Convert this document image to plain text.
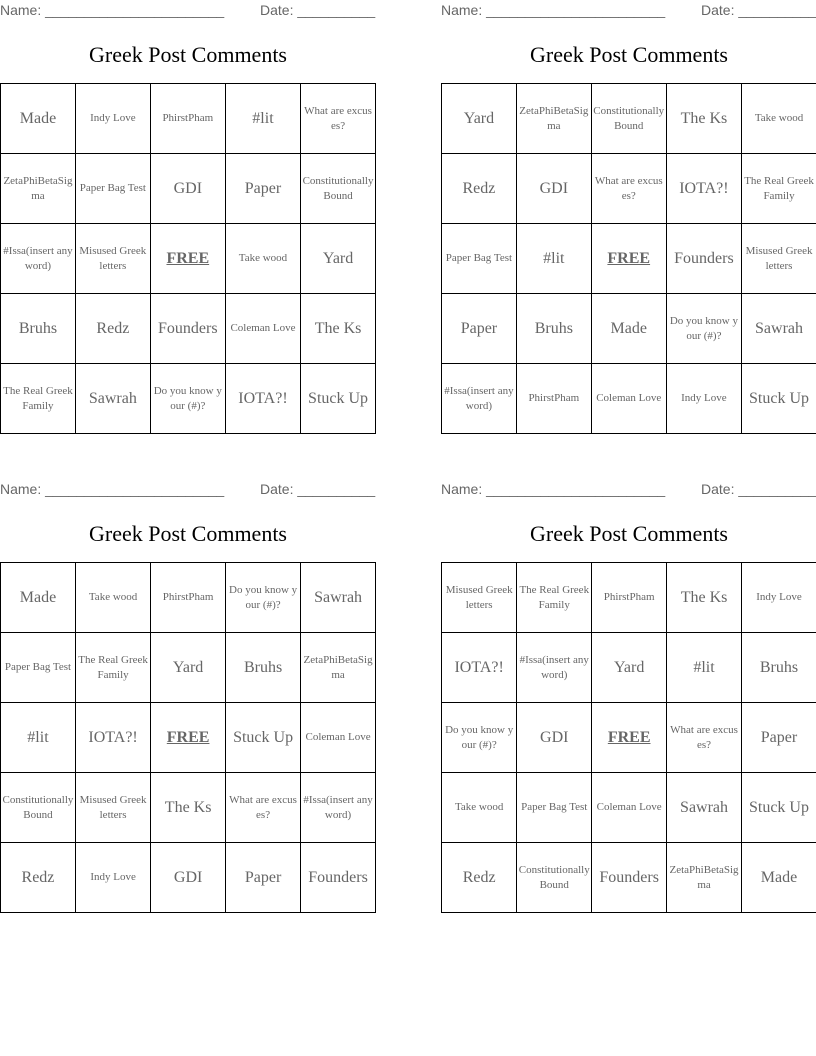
Name: _______________________	Date: __________
Greek Post Comments
Made	Indy Love	PhirstPham	#lit	What are excuses?
ZetaPhiBetaSigma	Paper Bag Test	GDI	Paper	Constitutionally Bound
#Issa(insert any word)	Misused Greek letters	FREE	Take wood	Yard
Bruhs	Redz	Founders	Coleman Love	The Ks
The Real Greek Family	Sawrah	Do you know your (#)?	IOTA?!	Stuck Up
Name: _______________________	Date: __________
Greek Post Comments
Yard	ZetaPhiBetaSigma	Constitutionally Bound	The Ks	Take wood
Redz	GDI	What are excuses?	IOTA?!	The Real Greek Family
Paper Bag Test	#lit	FREE	Founders	Misused Greek letters
Paper	Bruhs	Made	Do you know your (#)?	Sawrah
#Issa(insert any word)	PhirstPham	Coleman Love	Indy Love	Stuck Up
Name: _______________________	Date: __________
Greek Post Comments
Made	Take wood	PhirstPham	Do you know your (#)?	Sawrah
Paper Bag Test	The Real Greek Family	Yard	Bruhs	ZetaPhiBetaSigma
#lit	IOTA?!	FREE	Stuck Up	Coleman Love
Constitutionally Bound	Misused Greek letters	The Ks	What are excuses?	#Issa(insert any word)
Redz	Indy Love	GDI	Paper	Founders
Name: _______________________	Date: __________
Greek Post Comments
Misused Greek letters	The Real Greek Family	PhirstPham	The Ks	Indy Love
IOTA?!	#Issa(insert any word)	Yard	#lit	Bruhs
Do you know your (#)?	GDI	FREE	What are excuses?	Paper
Take wood	Paper Bag Test	Coleman Love	Sawrah	Stuck Up
Redz	Constitutionally Bound	Founders	ZetaPhiBetaSigma	Made
